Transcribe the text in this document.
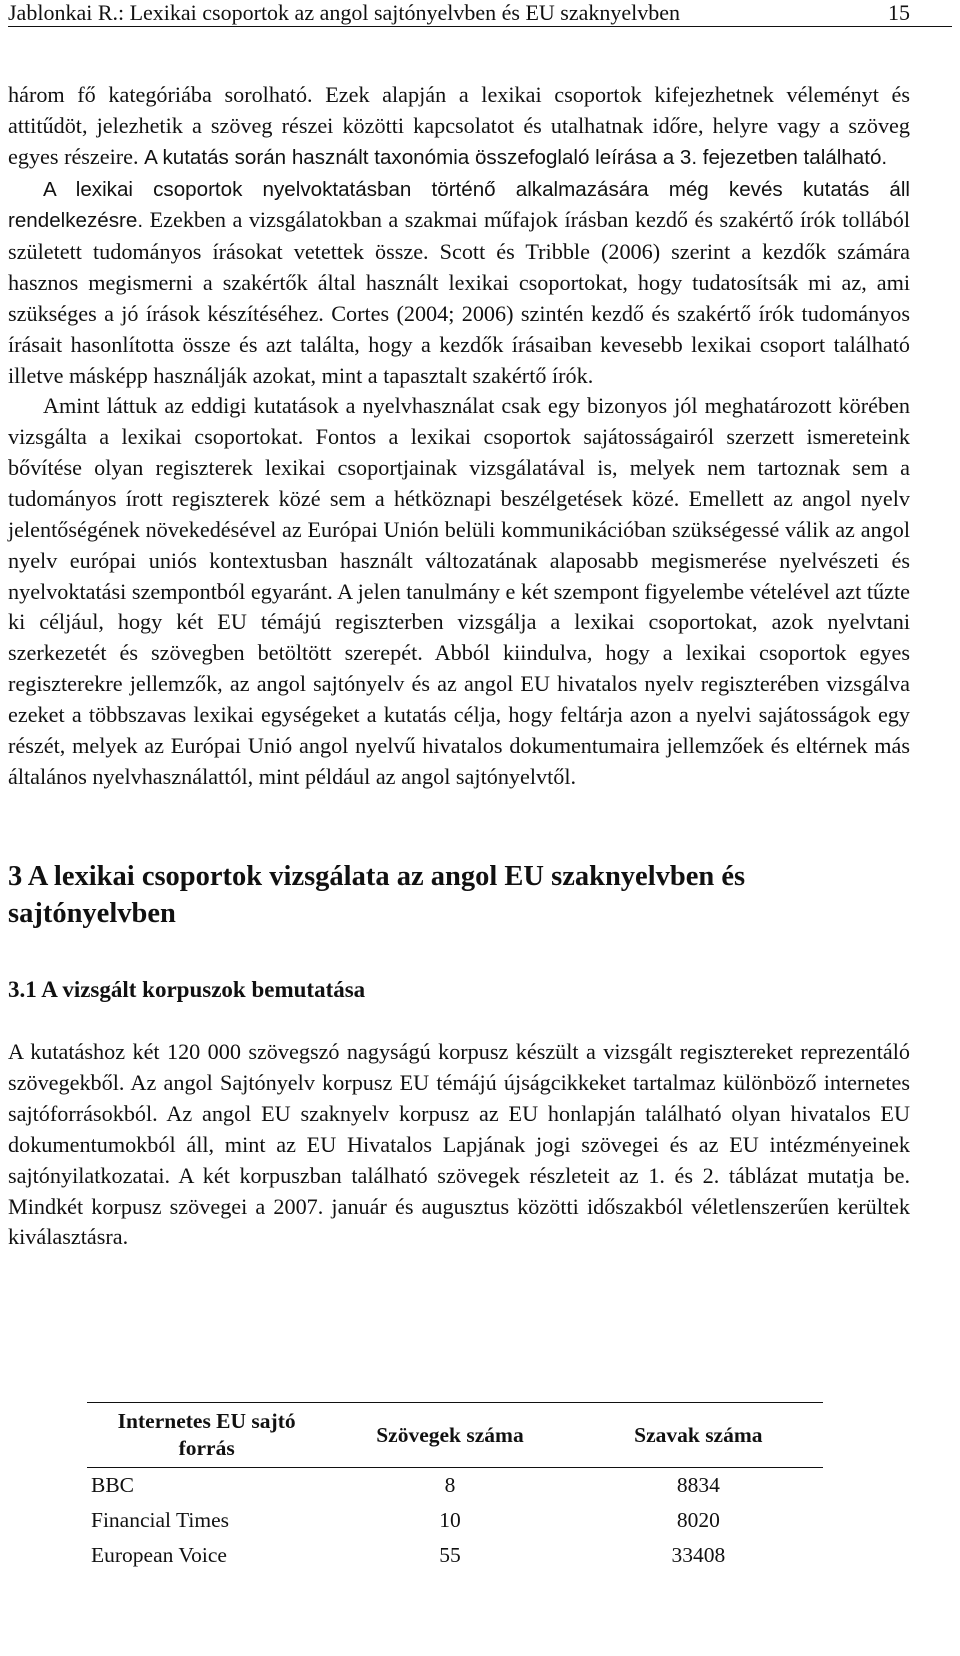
Jablonkai R.: Lexikai csoportok az angol sajtónyelvben és EU szaknyelvben	15

három fő kategóriába sorolható. Ezek alapján a lexikai csoportok kifejezhetnek véleményt és attitűdöt, jelezhetik a szöveg részei közötti kapcsolatot és utalhatnak időre, helyre vagy a szöveg egyes részeire. A kutatás során használt taxonómia összefoglaló leírása a 3. fejezetben található.

A lexikai csoportok nyelvoktatásban történő alkalmazására még kevés kutatás áll rendelkezésre. Ezekben a vizsgálatokban a szakmai műfajok írásban kezdő és szakértő írók tollából született tudományos írásokat vetettek össze. Scott és Tribble (2006) szerint a kezdők számára hasznos megismerni a szakértők által használt lexikai csoportokat, hogy tudatosítsák mi az, ami szükséges a jó írások készítéséhez. Cortes (2004; 2006) szintén kezdő és szakértő írók tudományos írásait hasonlította össze és azt találta, hogy a kezdők írásaiban kevesebb lexikai csoport található illetve másképp használják azokat, mint a tapasztalt szakértő írók.

Amint láttuk az eddigi kutatások a nyelvhasználat csak egy bizonyos jól meghatározott körében vizsgálta a lexikai csoportokat. Fontos a lexikai csoportok sajátosságairól szerzett ismereteink bővítése olyan regiszterek lexikai csoportjainak vizsgálatával is, melyek nem tartoznak sem a tudományos írott regiszterek közé sem a hétköznapi beszélgetések közé. Emellett az angol nyelv jelentőségének növekedésével az Európai Unión belüli kommunikációban szükségessé válik az angol nyelv európai uniós kontextusban használt változatának alaposabb megismerése nyelvészeti és nyelvoktatási szempontból egyaránt. A jelen tanulmány e két szempont figyelembe vételével azt tűzte ki céljául, hogy két EU témájú regiszterben vizsgálja a lexikai csoportokat, azok nyelvtani szerkezetét és szövegben betöltött szerepét. Abból kiindulva, hogy a lexikai csoportok egyes regiszterekre jellemzők, az angol sajtónyelv és az angol EU hivatalos nyelv regiszterében vizsgálva ezeket a többszavas lexikai egységeket a kutatás célja, hogy feltárja azon a nyelvi sajátosságok egy részét, melyek az Európai Unió angol nyelvű hivatalos dokumentumaira jellemzőek és eltérnek más általános nyelvhasználattól, mint például az angol sajtónyelvtől.

3 A lexikai csoportok vizsgálata az angol EU szaknyelvben és sajtónyelvben
3.1 A vizsgált korpuszok bemutatása

A kutatáshoz két 120 000 szövegszó nagyságú korpusz készült a vizsgált regisztereket reprezentáló szövegekből. Az angol Sajtónyelv korpusz EU témájú újságcikkeket tartalmaz különböző internetes sajtóforrásokból. Az angol EU szaknyelv korpusz az EU honlapján található olyan hivatalos EU dokumentumokból áll, mint az EU Hivatalos Lapjának jogi szövegei és az EU intézményeinek sajtónyilatkozatai. A két korpuszban található szövegek részleteit az 1. és 2. táblázat mutatja be. Mindkét korpusz szövegei a 2007. január és augusztus közötti időszakból véletlenszerűen kerültek kiválasztásra.

Internetes EU sajtó forrás	Szövegek száma	Szavak száma
BBC	8	8834
Financial Times	10	8020
European Voice	55	33408
